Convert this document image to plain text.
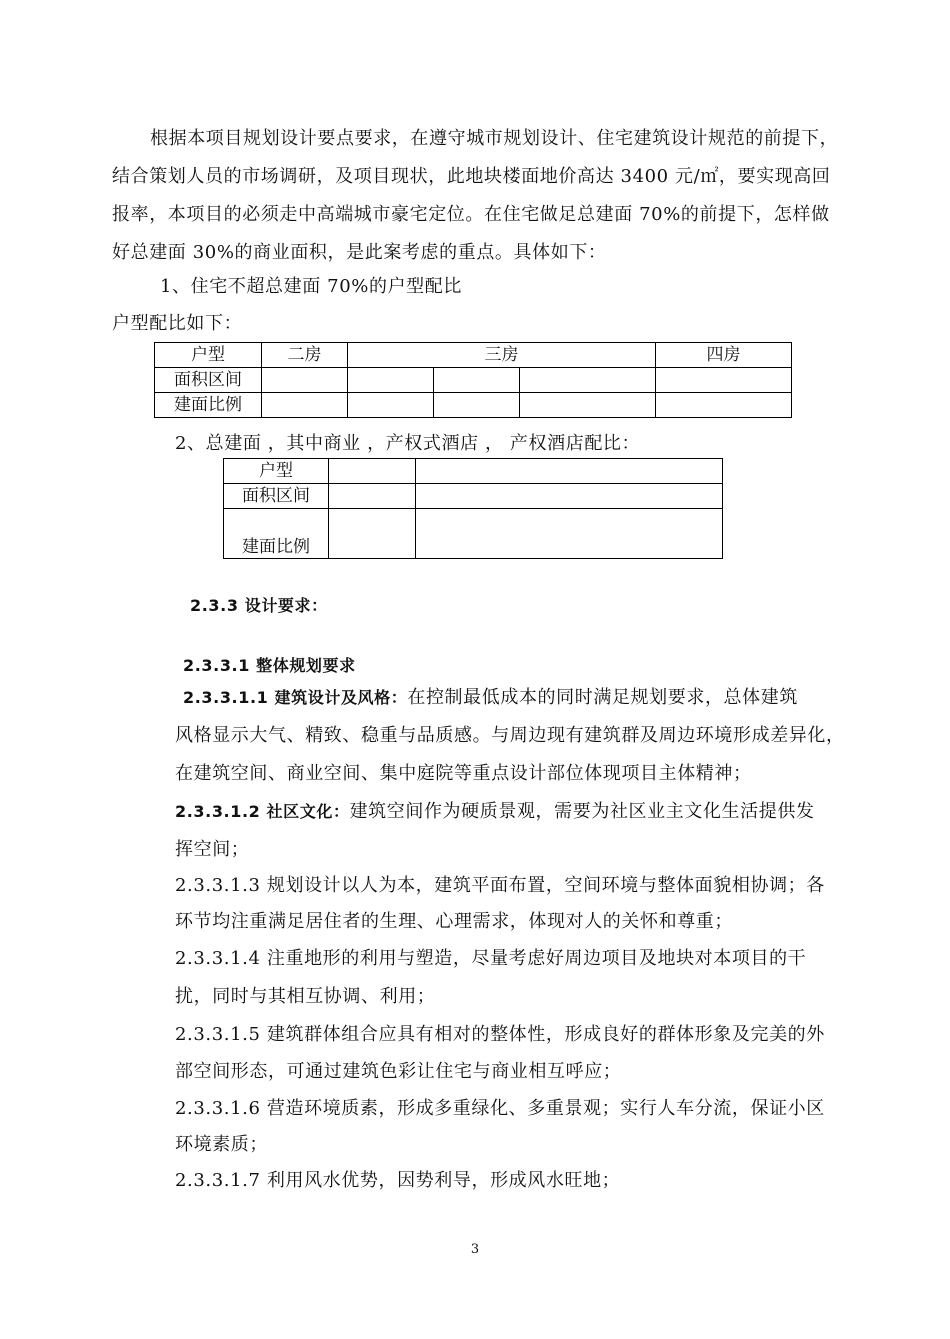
根据本项目规划设计要点要求，在遵守城市规划设计、住宅建筑设计规范的前提下，
结合策划人员的市场调研，及项目现状，此地块楼面地价高达 3400 元/㎡，要实现高回
报率，本项目的必须走中高端城市豪宅定位。在住宅做足总建面 70%的前提下，怎样做
好总建面 30%的商业面积，是此案考虑的重点。具体如下：
1、住宅不超总建面 70%的户型配比
户型配比如下：
户型	二房	三房			四房
面积区间					
建面比例					
2、总建面 ，其中商业 ，产权式酒店 ， 产权酒店配比：
户型		
面积区间		
建面比例		
2.3.3 设计要求：
2.3.3.1 整体规划要求
2.3.3.1.1 建筑设计及风格：在控制最低成本的同时满足规划要求，总体建筑
风格显示大气、精致、稳重与品质感。与周边现有建筑群及周边环境形成差异化，
在建筑空间、商业空间、集中庭院等重点设计部位体现项目主体精神；
2.3.3.1.2 社区文化：建筑空间作为硬质景观，需要为社区业主文化生活提供发
挥空间；
2.3.3.1.3 规划设计以人为本，建筑平面布置，空间环境与整体面貌相协调；各
环节均注重满足居住者的生理、心理需求，体现对人的关怀和尊重；
2.3.3.1.4 注重地形的利用与塑造，尽量考虑好周边项目及地块对本项目的干
扰，同时与其相互协调、利用；
2.3.3.1.5 建筑群体组合应具有相对的整体性，形成良好的群体形象及完美的外
部空间形态，可通过建筑色彩让住宅与商业相互呼应；
2.3.3.1.6 营造环境质素，形成多重绿化、多重景观；实行人车分流，保证小区
环境素质；
2.3.3.1.7 利用风水优势，因势利导，形成风水旺地；
3
